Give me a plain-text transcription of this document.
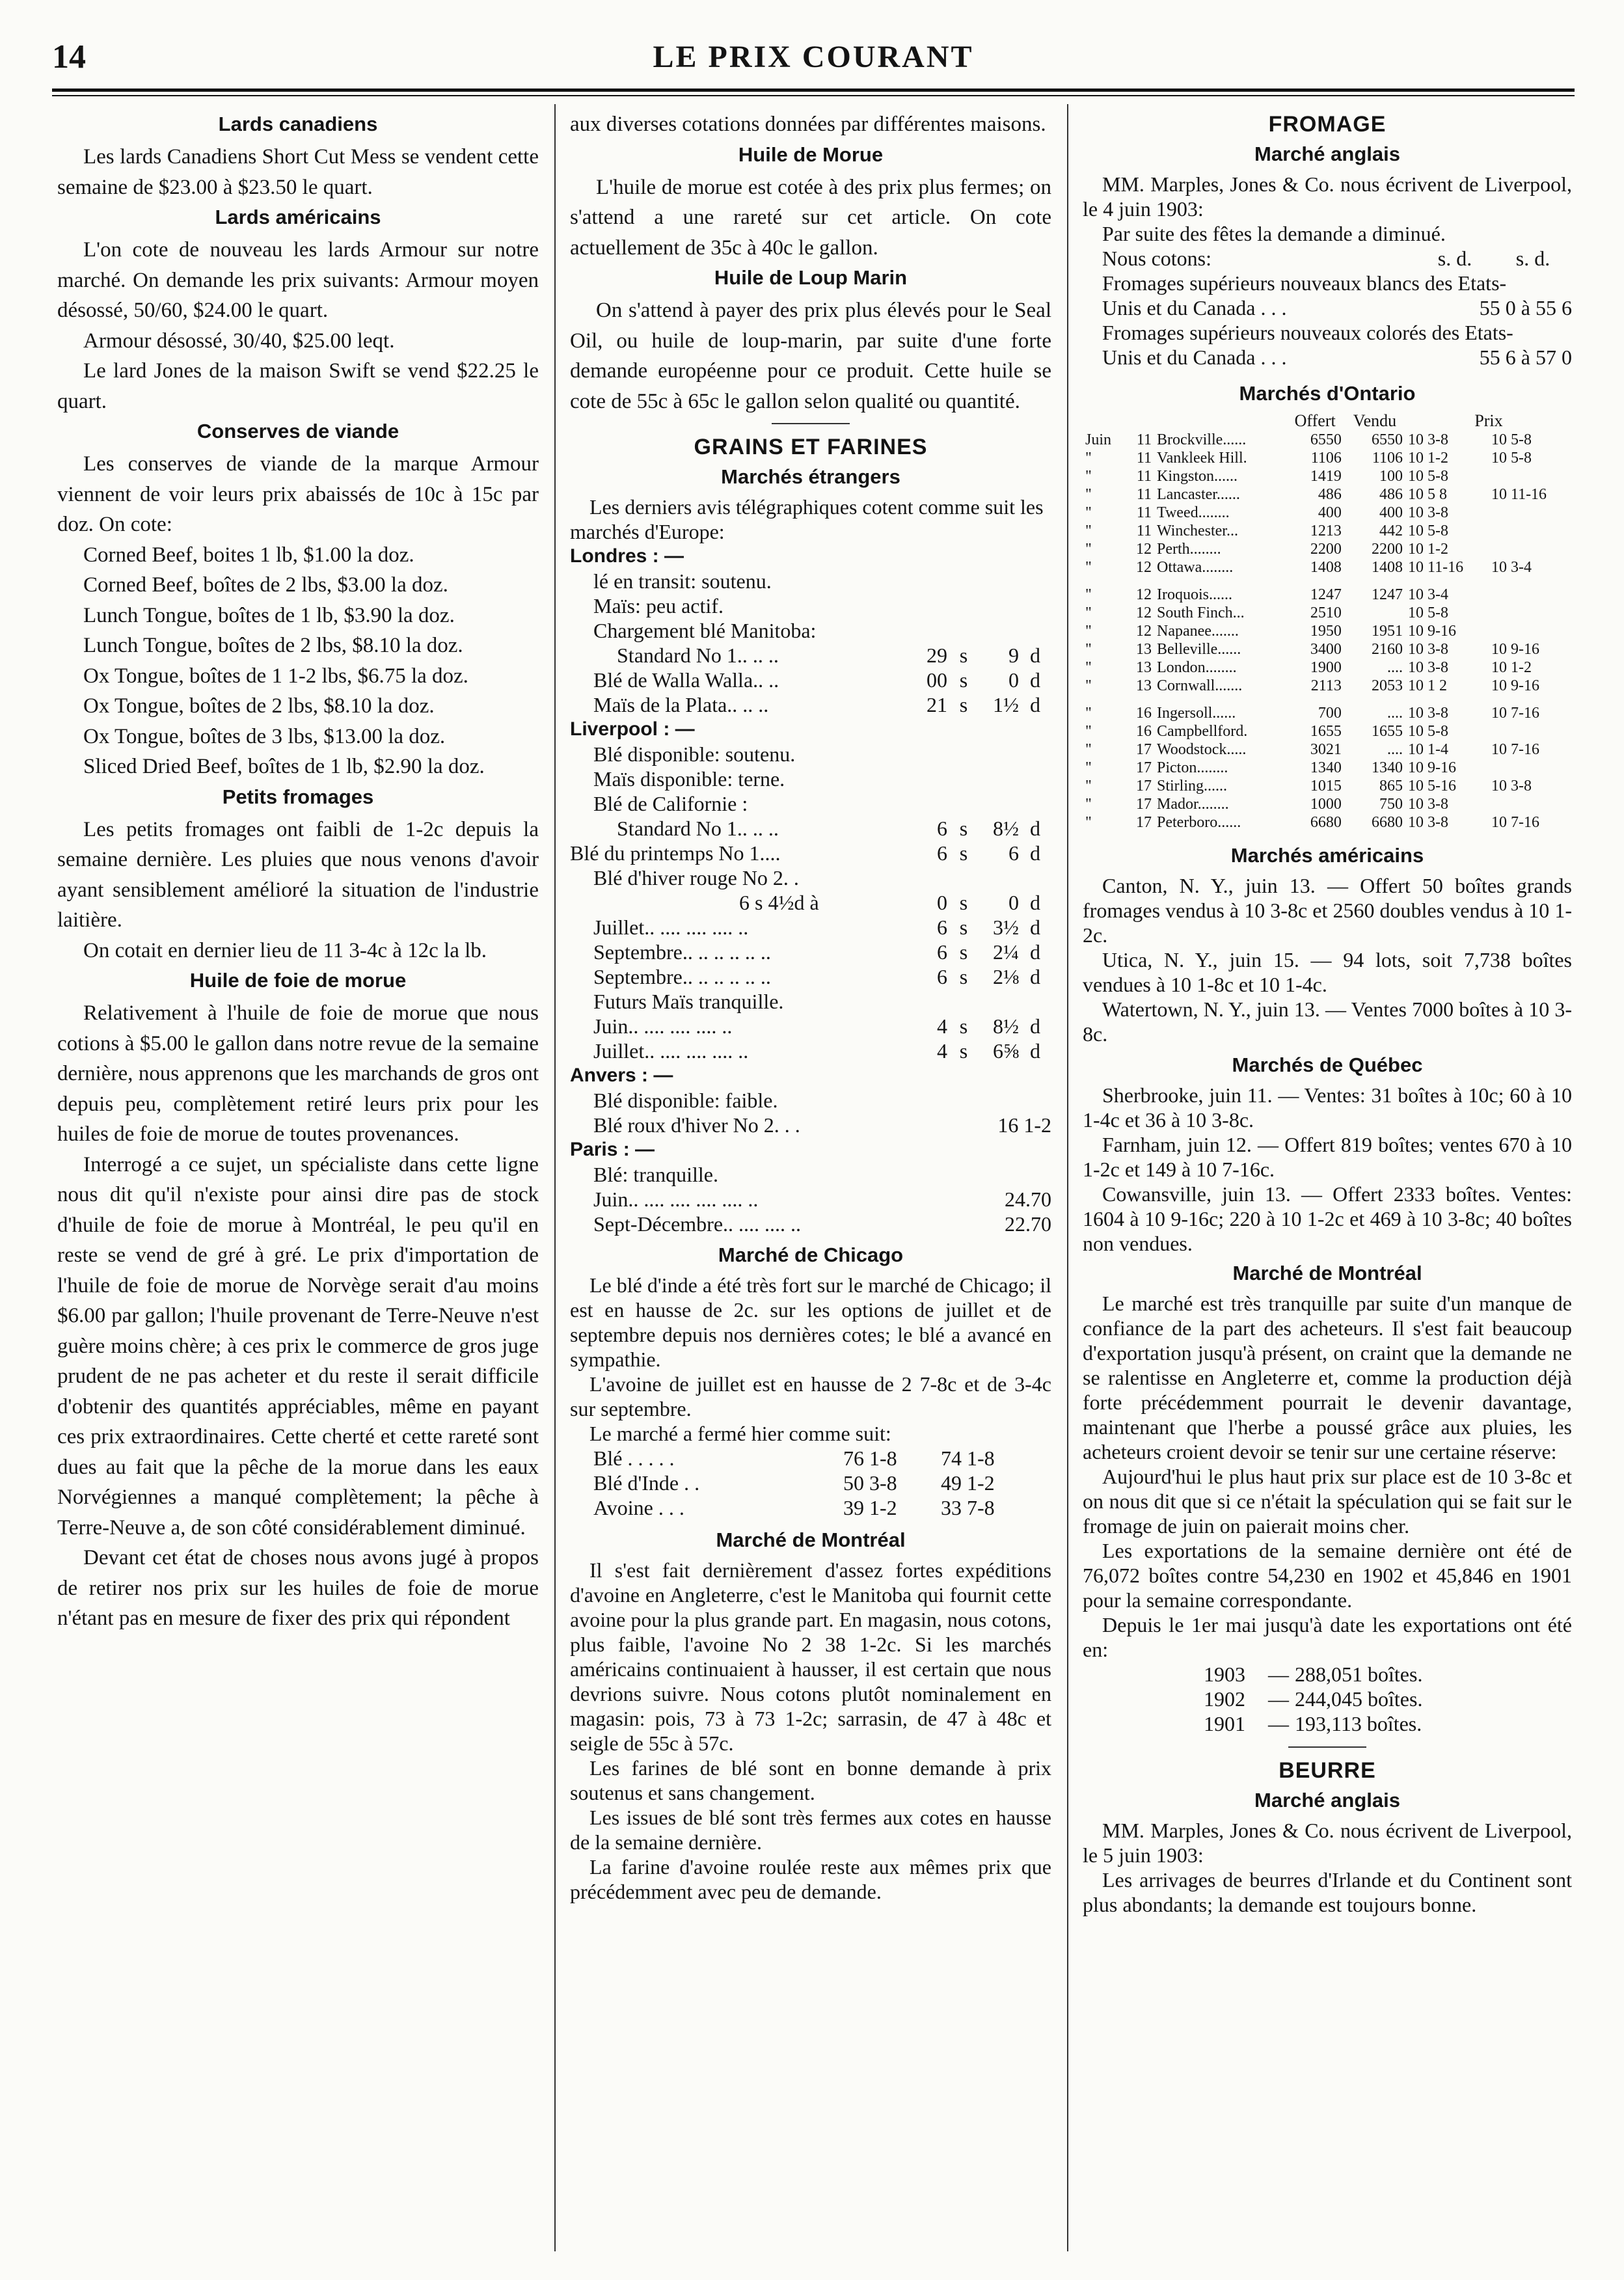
14	LE PRIX COURANT
Lards canadiens

Les lards Canadiens Short Cut Mess se vendent cette semaine de $23.00 à $23.50 le quart.

Lards américains

L'on cote de nouveau les lards Armour sur notre marché. On demande les prix suivants: Armour moyen désossé, 50/60, $24.00 le quart.

Armour désossé, 30/40, $25.00 leqt.

Le lard Jones de la maison Swift se vend $22.25 le quart.

Conserves de viande

Les conserves de viande de la marque Armour viennent de voir leurs prix abaissés de 10c à 15c par doz. On cote:

Corned Beef, boites 1 lb, $1.00 la doz.

Corned Beef, boîtes de 2 lbs, $3.00 la doz.

Lunch Tongue, boîtes de 1 lb, $3.90 la doz.

Lunch Tongue, boîtes de 2 lbs, $8.10 la doz.

Ox Tongue, boîtes de 1 1-2 lbs, $6.75 la doz.

Ox Tongue, boîtes de 2 lbs, $8.10 la doz.

Ox Tongue, boîtes de 3 lbs, $13.00 la doz.

Sliced Dried Beef, boîtes de 1 lb, $2.90 la doz.

Petits fromages

Les petits fromages ont faibli de 1-2c depuis la semaine dernière. Les pluies que nous venons d'avoir ayant sensiblement amélioré la situation de l'industrie laitière.

On cotait en dernier lieu de 11 3-4c à 12c la lb.

Huile de foie de morue

Relativement à l'huile de foie de morue que nous cotions à $5.00 le gallon dans notre revue de la semaine dernière, nous apprenons que les marchands de gros ont depuis peu, complètement retiré leurs prix pour les huiles de foie de morue de toutes provenances.

Interrogé a ce sujet, un spécialiste dans cette ligne nous dit qu'il n'existe pour ainsi dire pas de stock d'huile de foie de morue à Montréal, le peu qu'il en reste se vend de gré à gré. Le prix d'importation de l'huile de foie de morue de Norvège serait d'au moins $6.00 par gallon; l'huile provenant de Terre-Neuve n'est guère moins chère; à ces prix le commerce de gros juge prudent de ne pas acheter et du reste il serait difficile d'obtenir des quantités appréciables, même en payant ces prix extraordinaires. Cette cherté et cette rareté sont dues au fait que la pêche de la morue dans les eaux Norvégiennes a manqué complètement; la pêche à Terre-Neuve a, de son côté considérablement diminué.

Devant cet état de choses nous avons jugé à propos de retirer nos prix sur les huiles de foie de morue n'étant pas en mesure de fixer des prix qui répondent

aux diverses cotations données par différentes maisons.

Huile de Morue

L'huile de morue est cotée à des prix plus fermes; on s'attend a une rareté sur cet article. On cote actuellement de 35c à 40c le gallon.

Huile de Loup Marin

On s'attend à payer des prix plus élevés pour le Seal Oil, ou huile de loup-marin, par suite d'une forte demande européenne pour ce produit. Cette huile se cote de 55c à 65c le gallon selon qualité ou quantité.

GRAINS ET FARINES
Marchés étrangers
Les derniers avis télégraphiques cotent comme suit les marchés d'Europe:
Londres : —
lé en transit: soutenu.
Maïs: peu actif.
Chargement blé Manitoba:
Standard No 1.. .. ..	29 s	9 d
Blé de Walla Walla.. ..	00 s	0 d
Maïs de la Plata.. .. ..	21 s	1½ d
Liverpool : —
Blé disponible: soutenu.
Maïs disponible: terne.
Blé de Californie :
Standard No 1.. .. ..	6 s	8½ d
Blé du printemps No 1....	6 s	6 d
Blé d'hiver rouge No 2. .
6 s 4½d à	0 s	0 d
Juillet.. .... .... .... ..	6 s	3½ d
Septembre.. .. .. .. .. ..	6 s	2¼ d
Septembre.. .. .. .. .. ..	6 s	2⅛ d
Futurs Maïs tranquille.
Juin.. .... .... .... ..	4 s	8½ d
Juillet.. .... .... .... ..	4 s	6⅝ d
Anvers : —
Blé disponible: faible.
Blé roux d'hiver No 2. . .	16 1-2
Paris : —
Blé: tranquille.
Juin.. .... .... .... .... ..	24.70
Sept-Décembre.. .... .... ..	22.70
Marché de Chicago
Le blé d'inde a été très fort sur le marché de Chicago; il est en hausse de 2c. sur les options de juillet et de septembre depuis nos dernières cotes; le blé a avancé en sympathie.
L'avoine de juillet est en hausse de 2 7-8c et de 3-4c sur septembre.
Le marché a fermé hier comme suit:
Blé . . . . .	76 1-8	74 1-8
Blé d'Inde . .	50 3-8	49 1-2
Avoine . . .	39 1-2	33 7-8
Marché de Montréal
Il s'est fait dernièrement d'assez fortes expéditions d'avoine en Angleterre, c'est le Manitoba qui fournit cette avoine pour la plus grande part. En magasin, nous cotons, plus faible, l'avoine No 2 38 1-2c. Si les marchés américains continuaient à hausser, il est certain que nous devrions suivre. Nous cotons plutôt nominalement en magasin: pois, 73 à 73 1-2c; sarrasin, de 47 à 48c et seigle de 55c à 57c.
Les farines de blé sont en bonne demande à prix soutenus et sans changement.
Les issues de blé sont très fermes aux cotes en hausse de la semaine dernière.
La farine d'avoine roulée reste aux mêmes prix que précédemment avec peu de demande.
FROMAGE
Marché anglais
MM. Marples, Jones & Co. nous écrivent de Liverpool, le 4 juin 1903:
Par suite des fêtes la demande a diminué.
Nous cotons:	s. d.	s. d.
Fromages supérieurs nouveaux blancs des Etats-
Unis et du Canada . . .	55 0 à 55 6
Fromages supérieurs nouveaux colorés des Etats-
Unis et du Canada . . .	55 6 à 57 0
Marchés d'Ontario
			Offert	Vendu	Prix	
Juin	11	Brockville......	6550	6550	10 3-8	10 5-8
"	11	Vankleek Hill.	1106	1106	10 1-2	10 5-8
"	11	Kingston......	1419	100	10 5-8	
"	11	Lancaster......	486	486	10 5 8	10 11-16
"	11	Tweed........	400	400	10 3-8	
"	11	Winchester...	1213	442	10 5-8	
"	12	Perth........	2200	2200	10 1-2	
"	12	Ottawa........	1408	1408	10 11-16	10 3-4

"	12	Iroquois......	1247	1247	10 3-4	
"	12	South Finch...	2510		10 5-8	
"	12	Napanee.......	1950	1951	10 9-16	
"	13	Belleville......	3400	2160	10 3-8	10 9-16
"	13	London........	1900	....	10 3-8	10 1-2
"	13	Cornwall.......	2113	2053	10 1 2	10 9-16

"	16	Ingersoll......	700	....	10 3-8	10 7-16
"	16	Campbellford.	1655	1655	10 5-8	
"	17	Woodstock.....	3021	....	10 1-4	10 7-16
"	17	Picton........	1340	1340	10 9-16	
"	17	Stirling......	1015	865	10 5-16	10 3-8
"	17	Mador........	1000	750	10 3-8	
"	17	Peterboro......	6680	6680	10 3-8	10 7-16
Marchés américains
Canton, N. Y., juin 13. — Offert 50 boîtes grands fromages vendus à 10 3-8c et 2560 doubles vendus à 10 1-2c.
Utica, N. Y., juin 15. — 94 lots, soit 7,738 boîtes vendues à 10 1-8c et 10 1-4c.
Watertown, N. Y., juin 13. — Ventes 7000 boîtes à 10 3-8c.
Marchés de Québec
Sherbrooke, juin 11. — Ventes: 31 boîtes à 10c; 60 à 10 1-4c et 36 à 10 3-8c.
Farnham, juin 12. — Offert 819 boîtes; ventes 670 à 10 1-2c et 149 à 10 7-16c.
Cowansville, juin 13. — Offert 2333 boîtes. Ventes: 1604 à 10 9-16c; 220 à 10 1-2c et 469 à 10 3-8c; 40 boîtes non vendues.
Marché de Montréal
Le marché est très tranquille par suite d'un manque de confiance de la part des acheteurs. Il s'est fait beaucoup d'exportation jusqu'à présent, on craint que la demande ne se ralentisse en Angleterre et, comme la production déjà forte précédemment pourrait le devenir davantage, maintenant que l'herbe a poussé grâce aux pluies, les acheteurs croient devoir se tenir sur une certaine réserve:
Aujourd'hui le plus haut prix sur place est de 10 3-8c et on nous dit que si ce n'était la spéculation qui se fait sur le fromage de juin on paierait moins cher.
Les exportations de la semaine dernière ont été de 76,072 boîtes contre 54,230 en 1902 et 45,846 en 1901 pour la semaine correspondante.
Depuis le 1er mai jusqu'à date les exportations ont été en:
1903	— 288,051 boîtes.
1902	— 244,045 boîtes.
1901	— 193,113 boîtes.
BEURRE
Marché anglais
MM. Marples, Jones & Co. nous écrivent de Liverpool, le 5 juin 1903:
Les arrivages de beurres d'Irlande et du Continent sont plus abondants; la demande est toujours bonne.
